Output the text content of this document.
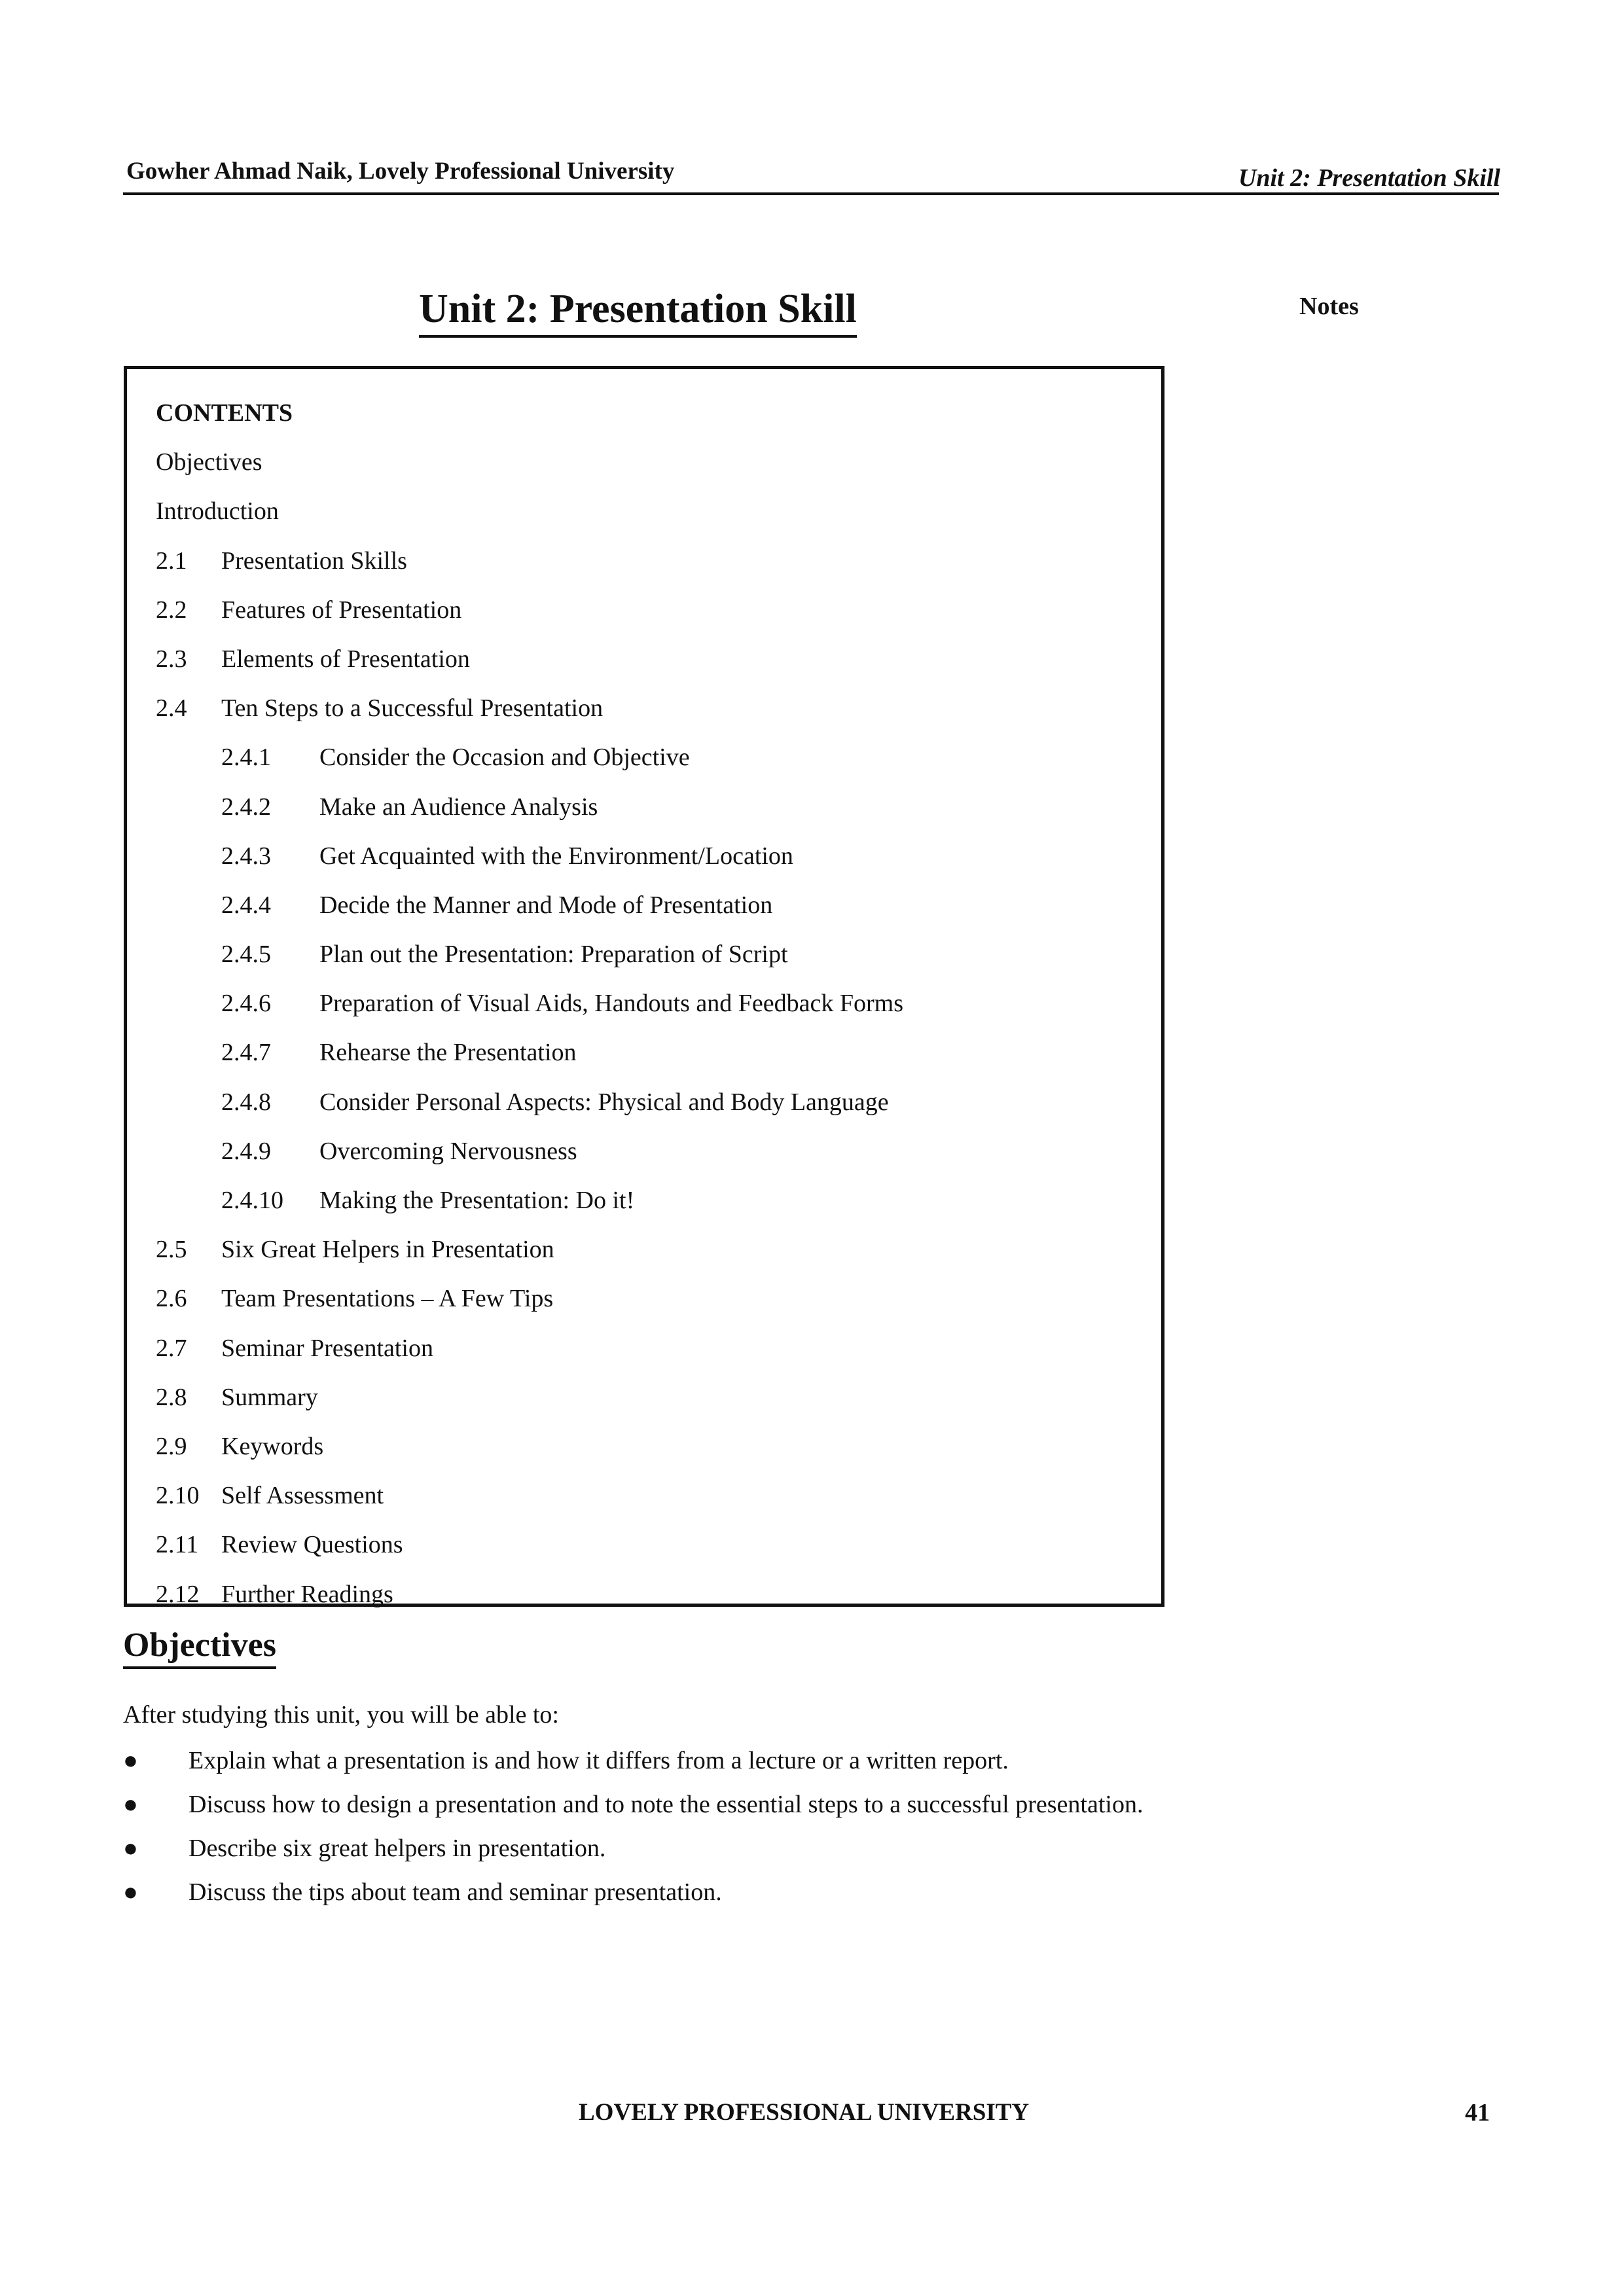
Gowher Ahmad Naik, Lovely Professional University	Unit 2: Presentation Skill
Unit 2: Presentation Skill	Notes
CONTENTS
Objectives
Introduction
2.1 Presentation Skills
2.2 Features of Presentation
2.3 Elements of Presentation
2.4 Ten Steps to a Successful Presentation
2.4.1 Consider the Occasion and Objective
2.4.2 Make an Audience Analysis
2.4.3 Get Acquainted with the Environment/Location
2.4.4 Decide the Manner and Mode of Presentation
2.4.5 Plan out the Presentation: Preparation of Script
2.4.6 Preparation of Visual Aids, Handouts and Feedback Forms
2.4.7 Rehearse the Presentation
2.4.8 Consider Personal Aspects: Physical and Body Language
2.4.9 Overcoming Nervousness
2.4.10 Making the Presentation: Do it!
2.5 Six Great Helpers in Presentation
2.6 Team Presentations – A Few Tips
2.7 Seminar Presentation
2.8 Summary
2.9 Keywords
2.10 Self Assessment
2.11 Review Questions
2.12 Further Readings
Objectives
After studying this unit, you will be able to:
● Explain what a presentation is and how it differs from a lecture or a written report.
● Discuss how to design a presentation and to note the essential steps to a successful presentation.
● Describe six great helpers in presentation.
● Discuss the tips about team and seminar presentation.
LOVELY PROFESSIONAL UNIVERSITY	41
